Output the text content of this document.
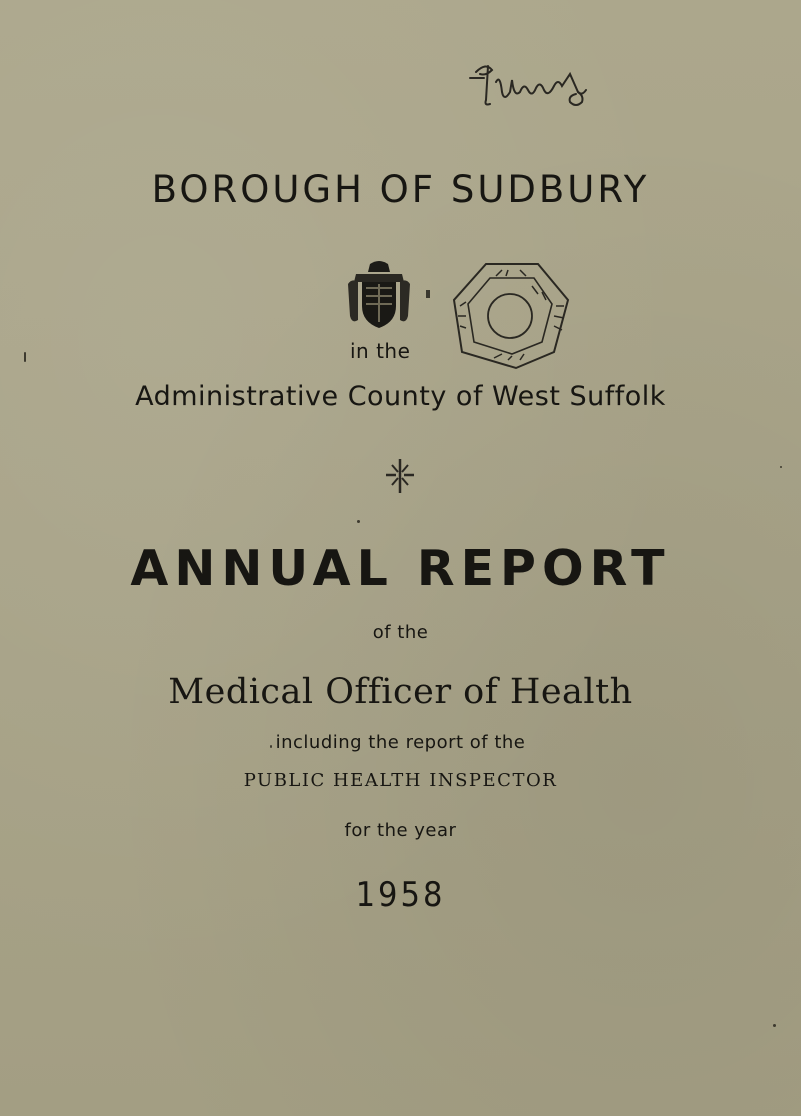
BOROUGH OF SUDBURY
in the
Administrative County of West Suffolk
ANNUAL REPORT
of the
Medical Officer of Health
including the report of the
PUBLIC HEALTH INSPECTOR
for the year
1958
